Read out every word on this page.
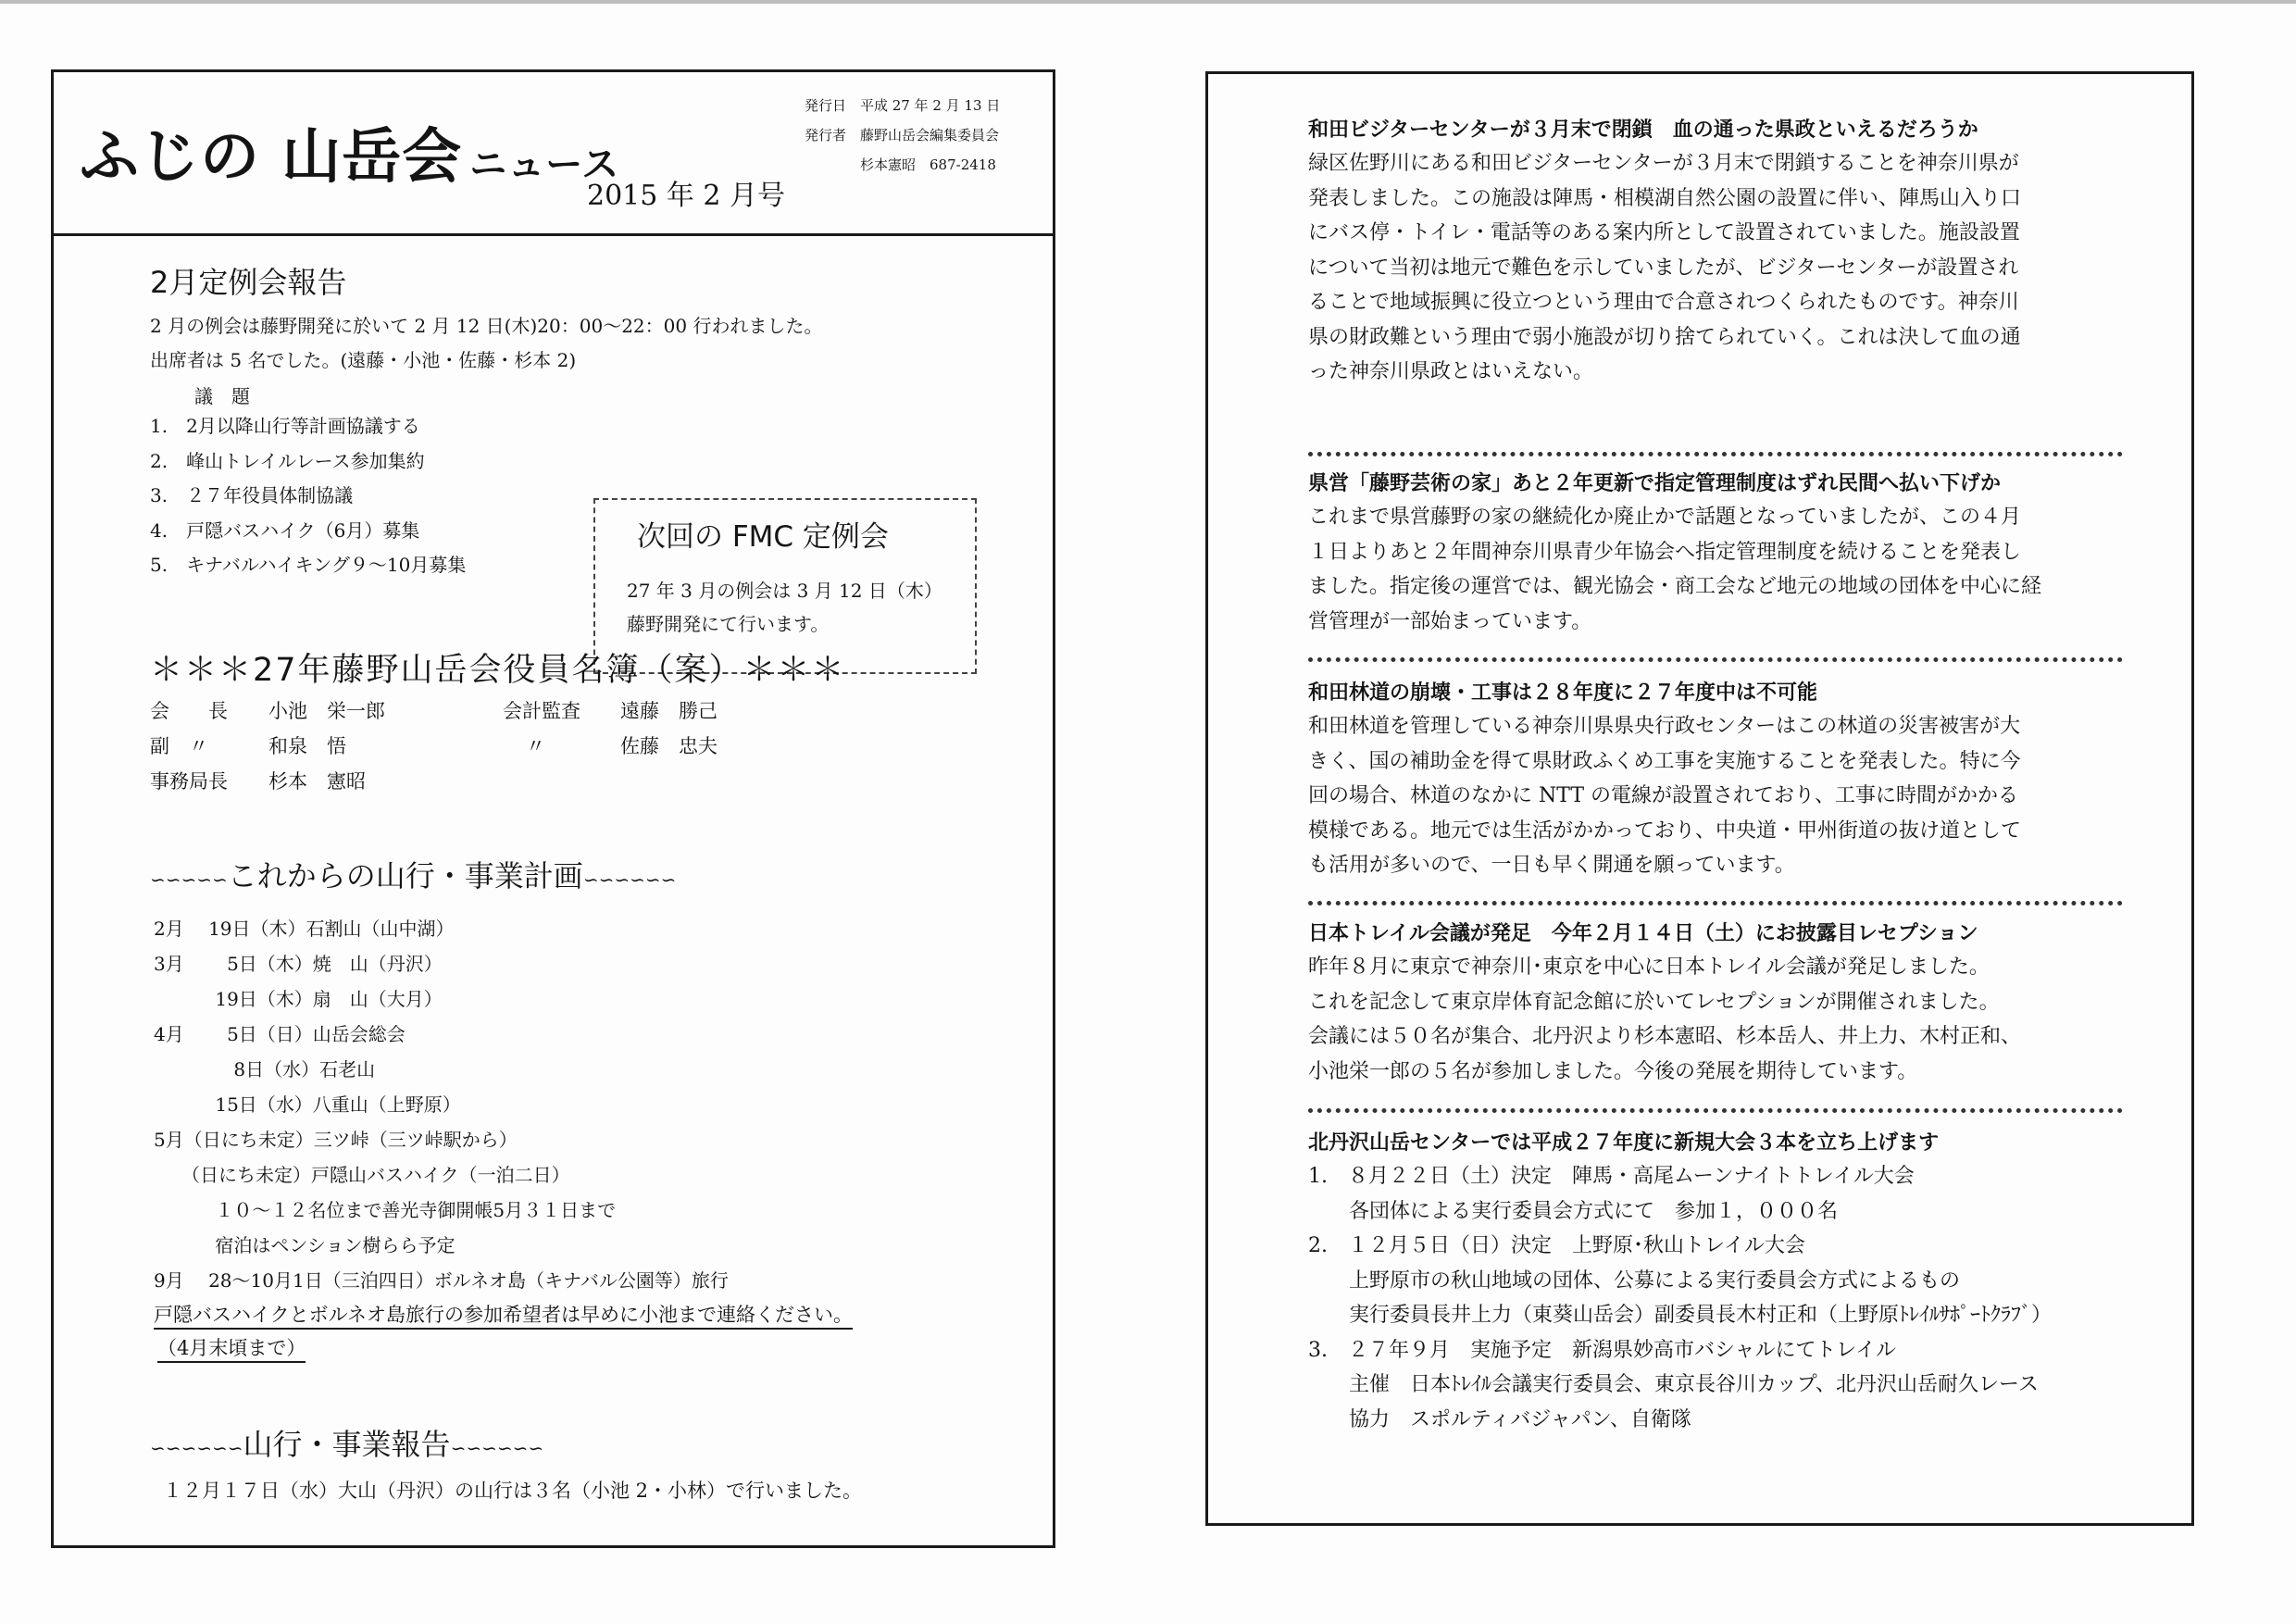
ふじの 山岳会 ニュース
2015 年 2 月号
発行日 平成 27 年 2 月 13 日
発行者 藤野山岳会編集委員会
杉本憲昭　687-2418
2月定例会報告
2 月の例会は藤野開発に於いて 2 月 12 日(木)20：00～22：00 行われました。
出席者は 5 名でした。(遠藤・小池・佐藤・杉本 2)
議　題
1.　2月以降山行等計画協議する
2.　峰山トレイルレース参加集約
3.　２７年役員体制協議
4.　戸隠バスハイク（6月）募集
5.　キナバルハイキング９～10月募集
次回の FMC 定例会
27 年 3 月の例会は 3 月 12 日（木）
藤野開発にて行います。
＊＊＊27年藤野山岳会役員名簿（案）＊＊＊
会　　長 小池　栄一郎	会計監査 遠藤　勝己
副　〃	和泉　悟	〃	佐藤　忠夫
事務局長 杉本　憲昭
∽∽∽∽∽これからの山行・事業計画∽∽∽∽∽∽
2月　 19日（木）石割山（山中湖）
3月　　 5日（木）焼　山（丹沢）
　　　 19日（木）扇　山（大月）
4月　　 5日（日）山岳会総会
　　　　 8日（水）石老山
　　　 15日（水）八重山（上野原）
5月（日にち未定）三ツ峠（三ツ峠駅から）
　　（日にち未定）戸隠山バスハイク（一泊二日）
　　　 １０～１２名位まで善光寺御開帳5月３１日まで
　　　 宿泊はペンション樹らら予定
9月　 28～10月1日（三泊四日）ボルネオ島（キナバル公園等）旅行
戸隠バスハイクとボルネオ島旅行の参加希望者は早めに小池まで連絡ください。
（4月末頃まで）
∽∽∽∽∽∽山行・事業報告∽∽∽∽∽∽
１２月１７日（水）大山（丹沢）の山行は３名（小池 2・小林）で行いました。
和田ビジターセンターが３月末で閉鎖　血の通った県政といえるだろうか
緑区佐野川にある和田ビジターセンターが３月末で閉鎖することを神奈川県が
発表しました。この施設は陣馬・相模湖自然公園の設置に伴い、陣馬山入り口
にバス停・トイレ・電話等のある案内所として設置されていました。施設設置
について当初は地元で難色を示していましたが、ビジターセンターが設置され
ることで地域振興に役立つという理由で合意されつくられたものです。神奈川
県の財政難という理由で弱小施設が切り捨てられていく。これは決して血の通
った神奈川県政とはいえない。
県営「藤野芸術の家」あと２年更新で指定管理制度はずれ民間へ払い下げか
これまで県営藤野の家の継続化か廃止かで話題となっていましたが、この４月
１日よりあと２年間神奈川県青少年協会へ指定管理制度を続けることを発表し
ました。指定後の運営では、観光協会・商工会など地元の地域の団体を中心に経
営管理が一部始まっています。
和田林道の崩壊・工事は２８年度に２７年度中は不可能
和田林道を管理している神奈川県県央行政センターはこの林道の災害被害が大
きく、国の補助金を得て県財政ふくめ工事を実施することを発表した。特に今
回の場合、林道のなかに NTT の電線が設置されており、工事に時間がかかる
模様である。地元では生活がかかっており、中央道・甲州街道の抜け道として
も活用が多いので、一日も早く開通を願っています。
日本トレイル会議が発足　今年２月１４日（土）にお披露目レセプション
昨年８月に東京で神奈川･東京を中心に日本トレイル会議が発足しました。
これを記念して東京岸体育記念館に於いてレセプションが開催されました。
会議には５０名が集合、北丹沢より杉本憲昭、杉本岳人、井上力、木村正和、
小池栄一郎の５名が参加しました。今後の発展を期待しています。
北丹沢山岳センターでは平成２７年度に新規大会３本を立ち上げます
1.　８月２２日（土）決定　陣馬・高尾ムーンナイトトレイル大会
　　各団体による実行委員会方式にて　参加１，０００名
2.　１２月５日（日）決定　上野原･秋山トレイル大会
　　上野原市の秋山地域の団体、公募による実行委員会方式によるもの
　　実行委員長井上力（東葵山岳会）副委員長木村正和（上野原ﾄﾚｲﾙｻﾎﾟｰﾄｸﾗﾌﾞ）
3.　２７年９月　実施予定　新潟県妙高市バシャルにてトレイル
　　主催　日本ﾄﾚｲﾙ会議実行委員会、東京長谷川カップ、北丹沢山岳耐久レース
　　協力　スポルティバジャパン、自衛隊
